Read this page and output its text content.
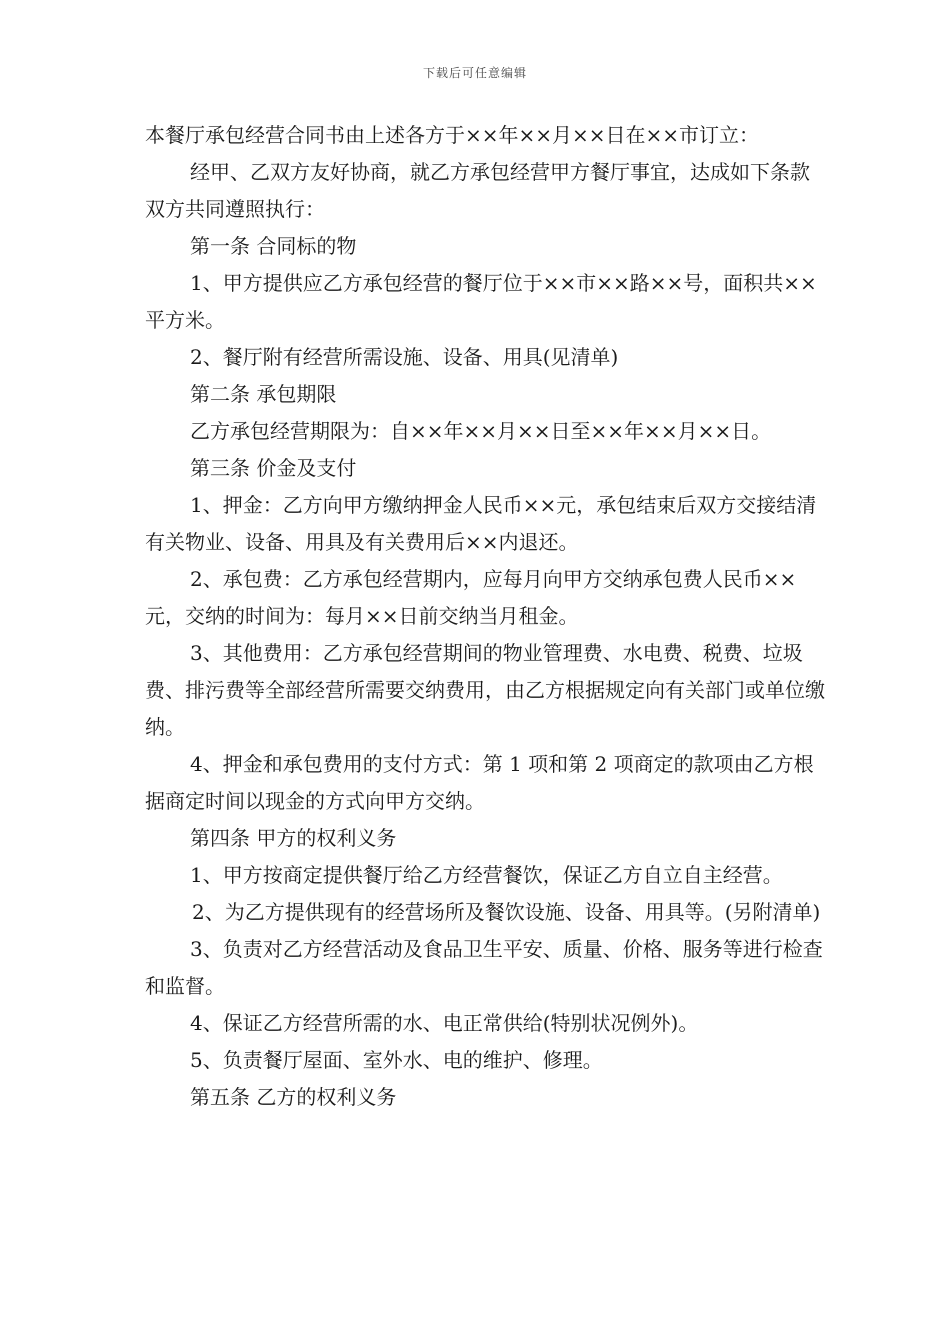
下载后可任意编辑

本餐厅承包经营合同书由上述各方于××年××月××日在××市订立：

经甲、乙双方友好协商，就乙方承包经营甲方餐厅事宜，达成如下条款双方共同遵照执行：

第一条 合同标的物

1、甲方提供应乙方承包经营的餐厅位于××市××路××号，面积共××平方米。

2、餐厅附有经营所需设施、设备、用具(见清单)

第二条 承包期限

乙方承包经营期限为：自××年××月××日至××年××月××日。

第三条 价金及支付

1、押金：乙方向甲方缴纳押金人民币××元，承包结束后双方交接结清有关物业、设备、用具及有关费用后××内退还。

2、承包费：乙方承包经营期内，应每月向甲方交纳承包费人民币××元，交纳的时间为：每月××日前交纳当月租金。

3、其他费用：乙方承包经营期间的物业管理费、水电费、税费、垃圾费、排污费等全部经营所需要交纳费用，由乙方根据规定向有关部门或单位缴纳。

4、押金和承包费用的支付方式：第 1 项和第 2 项商定的款项由乙方根据商定时间以现金的方式向甲方交纳。

第四条 甲方的权利义务

1、甲方按商定提供餐厅给乙方经营餐饮，保证乙方自立自主经营。

2、为乙方提供现有的经营场所及餐饮设施、设备、用具等。(另附清单)

3、负责对乙方经营活动及食品卫生平安、质量、价格、服务等进行检查和监督。

4、保证乙方经营所需的水、电正常供给(特别状况例外)。

5、负责餐厅屋面、室外水、电的维护、修理。

第五条 乙方的权利义务
